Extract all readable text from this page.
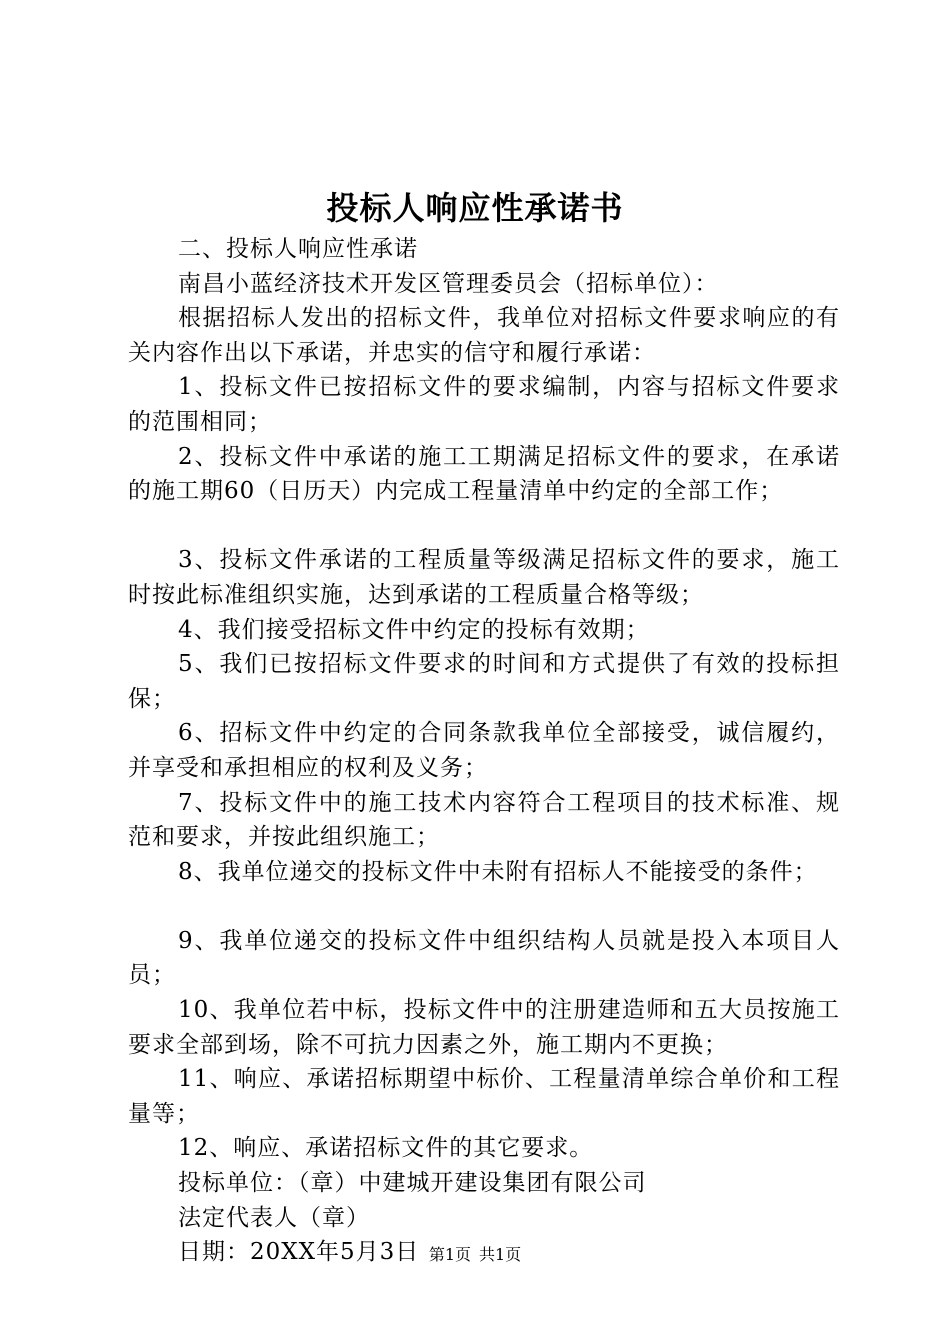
投标人响应性承诺书

二、投标人响应性承诺

南昌小蓝经济技术开发区管理委员会（招标单位）：

根据招标人发出的招标文件，我单位对招标文件要求响应的有关内容作出以下承诺，并忠实的信守和履行承诺：

1、投标文件已按招标文件的要求编制，内容与招标文件要求的范围相同；

2、投标文件中承诺的施工工期满足招标文件的要求，在承诺的施工期60（日历天）内完成工程量清单中约定的全部工作；

3、投标文件承诺的工程质量等级满足招标文件的要求，施工时按此标准组织实施，达到承诺的工程质量合格等级；

4、我们接受招标文件中约定的投标有效期；

5、我们已按招标文件要求的时间和方式提供了有效的投标担保；

6、招标文件中约定的合同条款我单位全部接受，诚信履约，并享受和承担相应的权利及义务；

7、投标文件中的施工技术内容符合工程项目的技术标准、规范和要求，并按此组织施工；

8、我单位递交的投标文件中未附有招标人不能接受的条件；

9、我单位递交的投标文件中组织结构人员就是投入本项目人员；

10、我单位若中标，投标文件中的注册建造师和五大员按施工要求全部到场，除不可抗力因素之外，施工期内不更换；

11、响应、承诺招标期望中标价、工程量清单综合单价和工程量等；

12、响应、承诺招标文件的其它要求。

投标单位：（章）中建城开建设集团有限公司

法定代表人（章）

日期：20XX年5月3日 第1页 共1页
